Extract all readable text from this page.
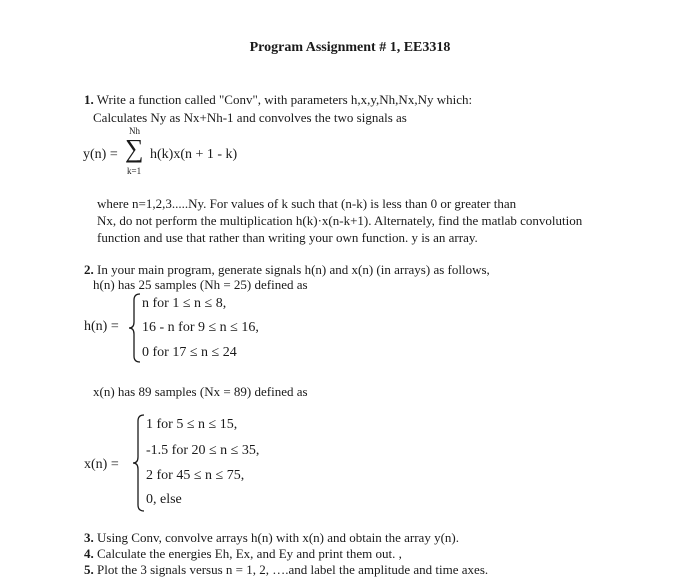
Program Assignment # 1, EE3318
1. Write a function called "Conv", with parameters h,x,y,Nh,Nx,Ny which:
Calculates Ny as Nx+Nh-1 and convolves the two signals as
y(n) =
Nh
∑
k=1
h(k)x(n + 1 - k)
where n=1,2,3.....Ny. For values of k such that (n-k) is less than 0 or greater than
Nx, do not perform the multiplication h(k)·x(n-k+1). Alternately, find the matlab convolution
function and use that rather than writing your own function. y is an array.
2. In your main program, generate signals h(n) and x(n) (in arrays) as follows,
h(n) has 25 samples (Nh = 25) defined as
h(n) =
n for 1 ≤ n ≤ 8,
16 - n for 9 ≤ n ≤ 16,
0 for 17 ≤ n ≤ 24
x(n) has 89 samples (Nx = 89) defined as
x(n) =
1 for 5 ≤ n ≤ 15,
-1.5 for 20 ≤ n ≤ 35,
2 for 45 ≤ n ≤ 75,
0, else
3. Using Conv, convolve arrays h(n) with x(n) and obtain the array y(n).
4. Calculate the energies Eh, Ex, and Ey and print them out. ,
5. Plot the 3 signals versus n = 1, 2, ….and label the amplitude and time axes.
